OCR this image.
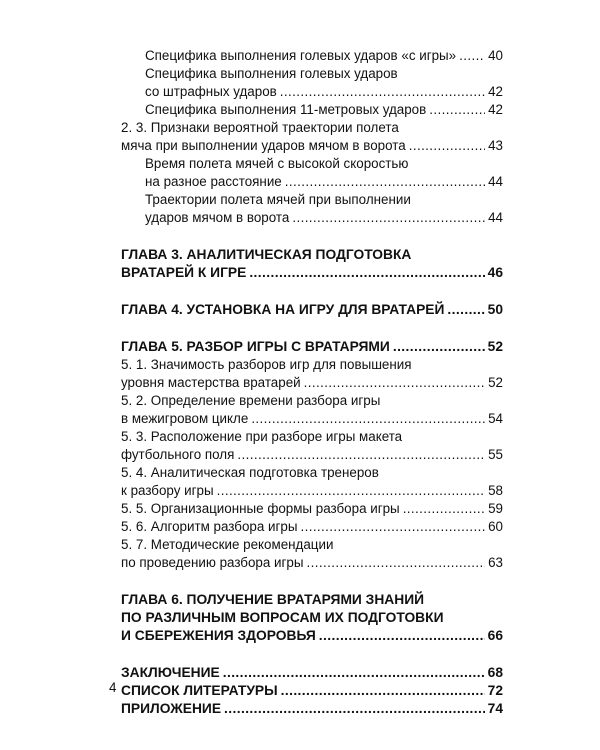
Специфика выполнения голевых ударов «с игры» ..... 40
Специфика выполнения голевых ударов
со штрафных ударов .....	42
Специфика выполнения 11-метровых ударов .....	42
2. 3. Признаки вероятной траектории полета
мяча при выполнении ударов мячом в ворота .....	43
Время полета мячей с высокой скоростью
на разное расстояние .....	44
Траектории полета мячей при выполнении
ударов мячом в ворота .....	44
ГЛАВА 3. АНАЛИТИЧЕСКАЯ ПОДГОТОВКА
ВРАТАРЕЙ К ИГРЕ .....	46
ГЛАВА 4. УСТАНОВКА НА ИГРУ ДЛЯ ВРАТАРЕЙ .....	50
ГЛАВА 5. РАЗБОР ИГРЫ С ВРАТАРЯМИ .....	52
5. 1. Значимость разборов игр для повышения
уровня мастерства вратарей .....	52
5. 2. Определение времени разбора игры
в межигровом цикле .....	54
5. 3. Расположение при разборе игры макета
футбольного поля .....	55
5. 4. Аналитическая подготовка тренеров
к разбору игры .....	58
5. 5. Организационные формы разбора игры .....	59
5. 6. Алгоритм разбора игры .....	60
5. 7. Методические рекомендации
по проведению разбора игры .....	63
ГЛАВА 6. ПОЛУЧЕНИЕ ВРАТАРЯМИ ЗНАНИЙ
ПО РАЗЛИЧНЫМ ВОПРОСАМ ИХ ПОДГОТОВКИ
И СБЕРЕЖЕНИЯ ЗДОРОВЬЯ .....	66
ЗАКЛЮЧЕНИЕ .....	68
СПИСОК ЛИТЕРАТУРЫ .....	72
ПРИЛОЖЕНИЕ .....	74
4
